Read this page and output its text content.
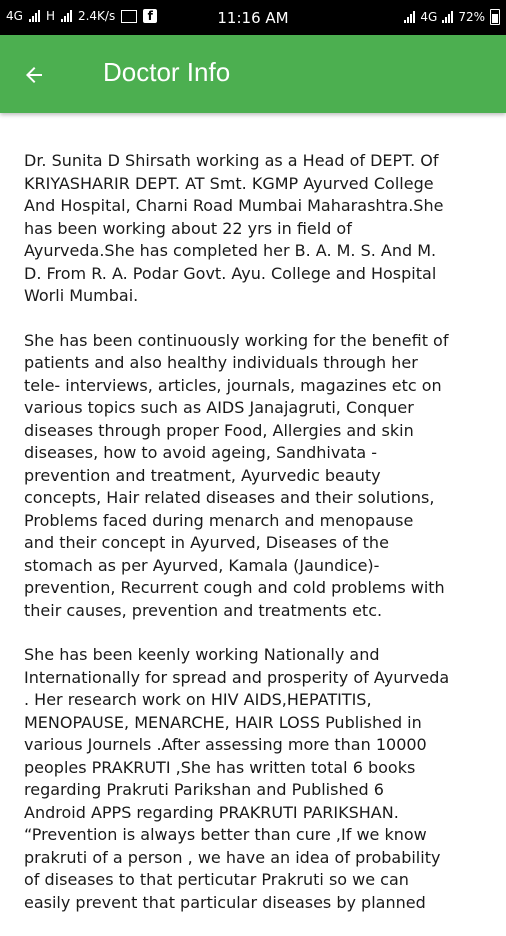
4G H 2.4K/s	f	11:16 AM	4G 72%
Doctor Info

Dr. Sunita D Shirsath working as a Head of DEPT. Of
KRIYASHARIR DEPT. AT Smt. KGMP Ayurved College
And Hospital, Charni Road Mumbai Maharashtra.She
has been working about 22 yrs in field of
Ayurveda.She has completed her B. A. M. S. And M.
D. From R. A. Podar Govt. Ayu. College and Hospital
Worli Mumbai.

She has been continuously working for the benefit of
patients and also healthy individuals through her
tele- interviews, articles, journals, magazines etc on
various topics such as AIDS Janajagruti, Conquer
diseases through proper Food, Allergies and skin
diseases, how to avoid ageing, Sandhivata -
prevention and treatment, Ayurvedic beauty
concepts, Hair related diseases and their solutions,
Problems faced during menarch and menopause
and their concept in Ayurved, Diseases of the
stomach as per Ayurved, Kamala (Jaundice)-
prevention, Recurrent cough and cold problems with
their causes, prevention and treatments etc.

She has been keenly working Nationally and
Internationally for spread and prosperity of Ayurveda
. Her research work on HIV AIDS,HEPATITIS,
MENOPAUSE, MENARCHE, HAIR LOSS Published in
various Journels .After assessing more than 10000
peoples PRAKRUTI ,She has written total 6 books
regarding Prakruti Parikshan and Published 6
Android APPS regarding PRAKRUTI PARIKSHAN.
“Prevention is always better than cure ,If we know
prakruti of a person , we have an idea of probability
of diseases to that perticutar Prakruti so we can
easily prevent that particular diseases by planned
